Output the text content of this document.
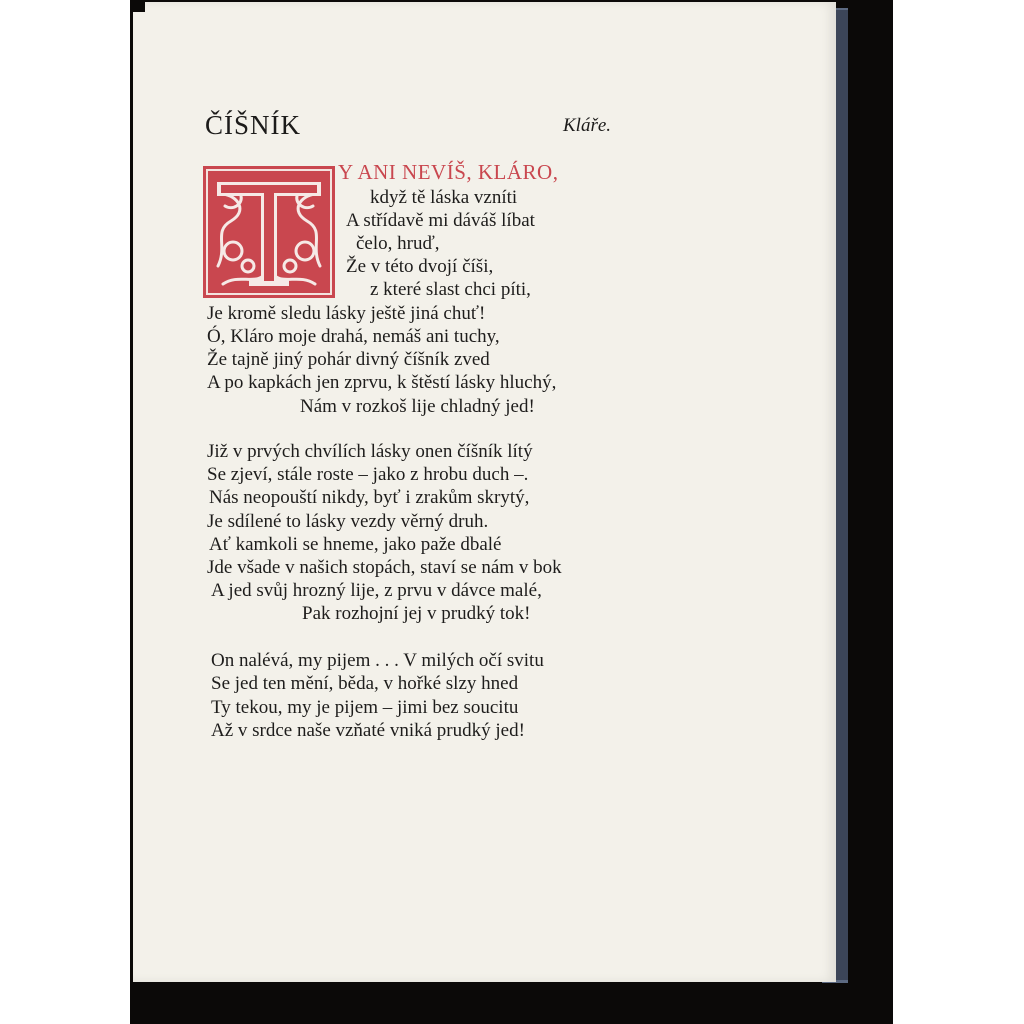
ČÍŠNÍK	Kláře.
Y ANI NEVÍŠ, KLÁRO,
když tě láska vzníti
A střídavě mi dáváš líbat
čelo, hruď,
Že v této dvojí číši,
z které slast chci píti,
Je kromě sledu lásky ještě jiná chuť!
Ó, Kláro moje drahá, nemáš ani tuchy,
Že tajně jiný pohár divný číšník zved
A po kapkách jen zprvu, k štěstí lásky hluchý,
Nám v rozkoš lije chladný jed!
Již v prvých chvílích lásky onen číšník lítý
Se zjeví, stále roste – jako z hrobu duch –.
Nás neopouští nikdy, byť i zrakům skrytý,
Je sdílené to lásky vezdy věrný druh.
Ať kamkoli se hneme, jako paže dbalé
Jde všade v našich stopách, staví se nám v bok
A jed svůj hrozný lije, z prvu v dávce malé,
Pak rozhojní jej v prudký tok!
On nalévá, my pijem . . . V milých očí svitu
Se jed ten mění, běda, v hořké slzy hned
Ty tekou, my je pijem – jimi bez soucitu
Až v srdce naše vzňaté vniká prudký jed!
